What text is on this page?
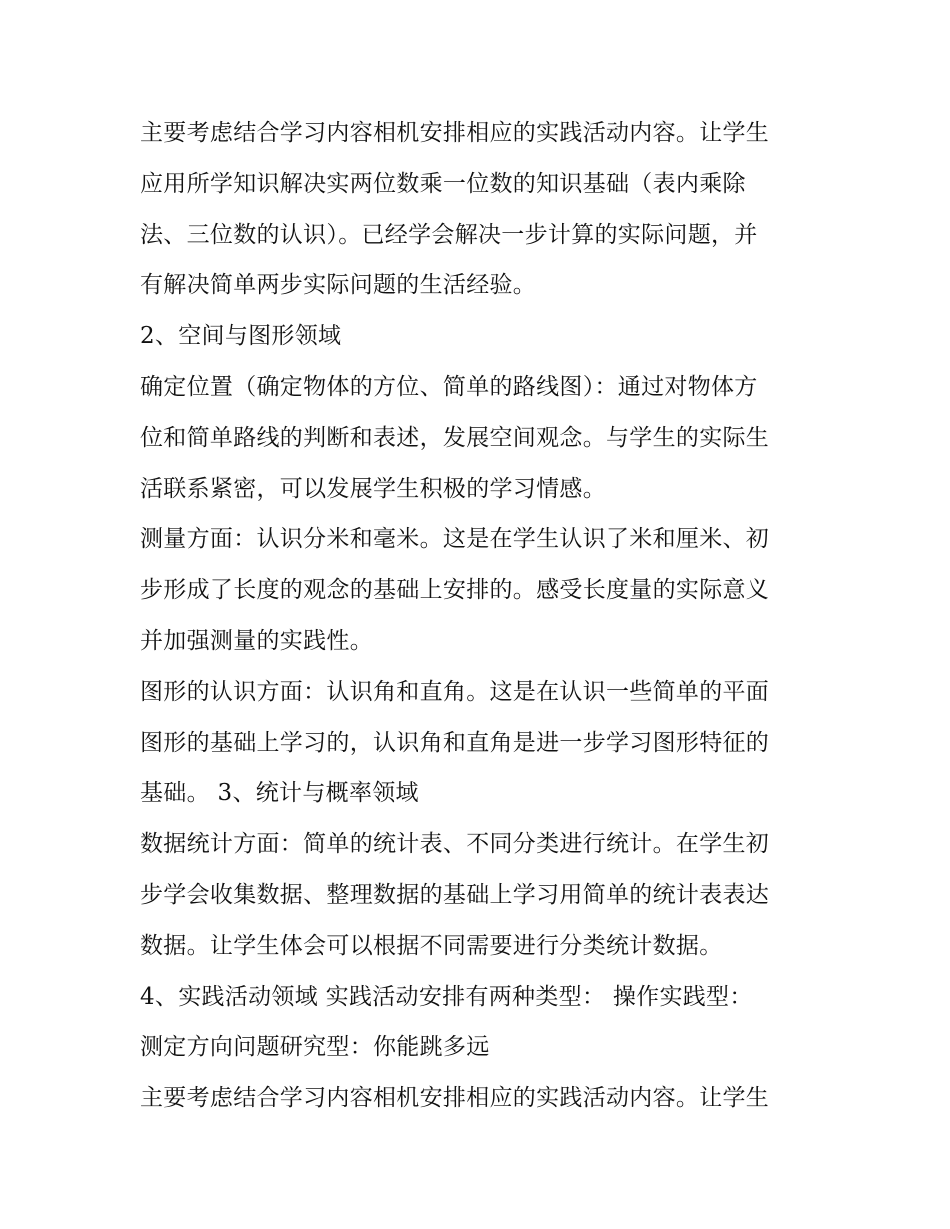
主要考虑结合学习内容相机安排相应的实践活动内容。让学生
应用所学知识解决实两位数乘一位数的知识基础（表内乘除
法、三位数的认识）。已经学会解决一步计算的实际问题，并
有解决简单两步实际问题的生活经验。
2、空间与图形领域
确定位置（确定物体的方位、简单的路线图）：通过对物体方
位和简单路线的判断和表述，发展空间观念。与学生的实际生
活联系紧密，可以发展学生积极的学习情感。
测量方面：认识分米和毫米。这是在学生认识了米和厘米、初
步形成了长度的观念的基础上安排的。感受长度量的实际意义
并加强测量的实践性。
图形的认识方面：认识角和直角。这是在认识一些简单的平面
图形的基础上学习的，认识角和直角是进一步学习图形特征的
基础。 3、统计与概率领域
数据统计方面：简单的统计表、不同分类进行统计。在学生初
步学会收集数据、整理数据的基础上学习用简单的统计表表达
数据。让学生体会可以根据不同需要进行分类统计数据。
4、实践活动领域 实践活动安排有两种类型： 操作实践型：
测定方向问题研究型：你能跳多远
主要考虑结合学习内容相机安排相应的实践活动内容。让学生
